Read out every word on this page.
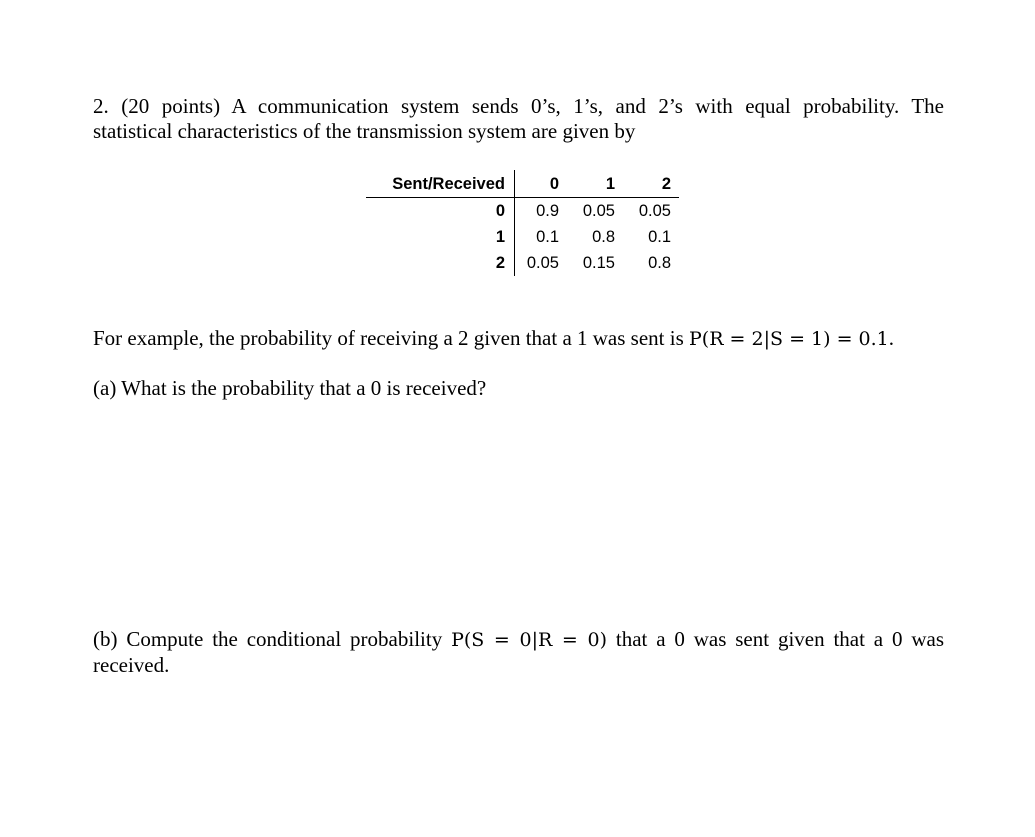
2. (20 points) A communication system sends 0’s, 1’s, and 2’s with equal probability. The
statistical characteristics of the transmission system are given by
Sent/Received	0	1	2
0	0.9	0.05	0.05
1	0.1	0.8	0.1
2	0.05	0.15	0.8
For example, the probability of receiving a 2 given that a 1 was sent is P(R = 2|S = 1) = 0.1.
(a) What is the probability that a 0 is received?
(b) Compute the conditional probability P(S = 0|R = 0) that a 0 was sent given that a 0 was
received.
